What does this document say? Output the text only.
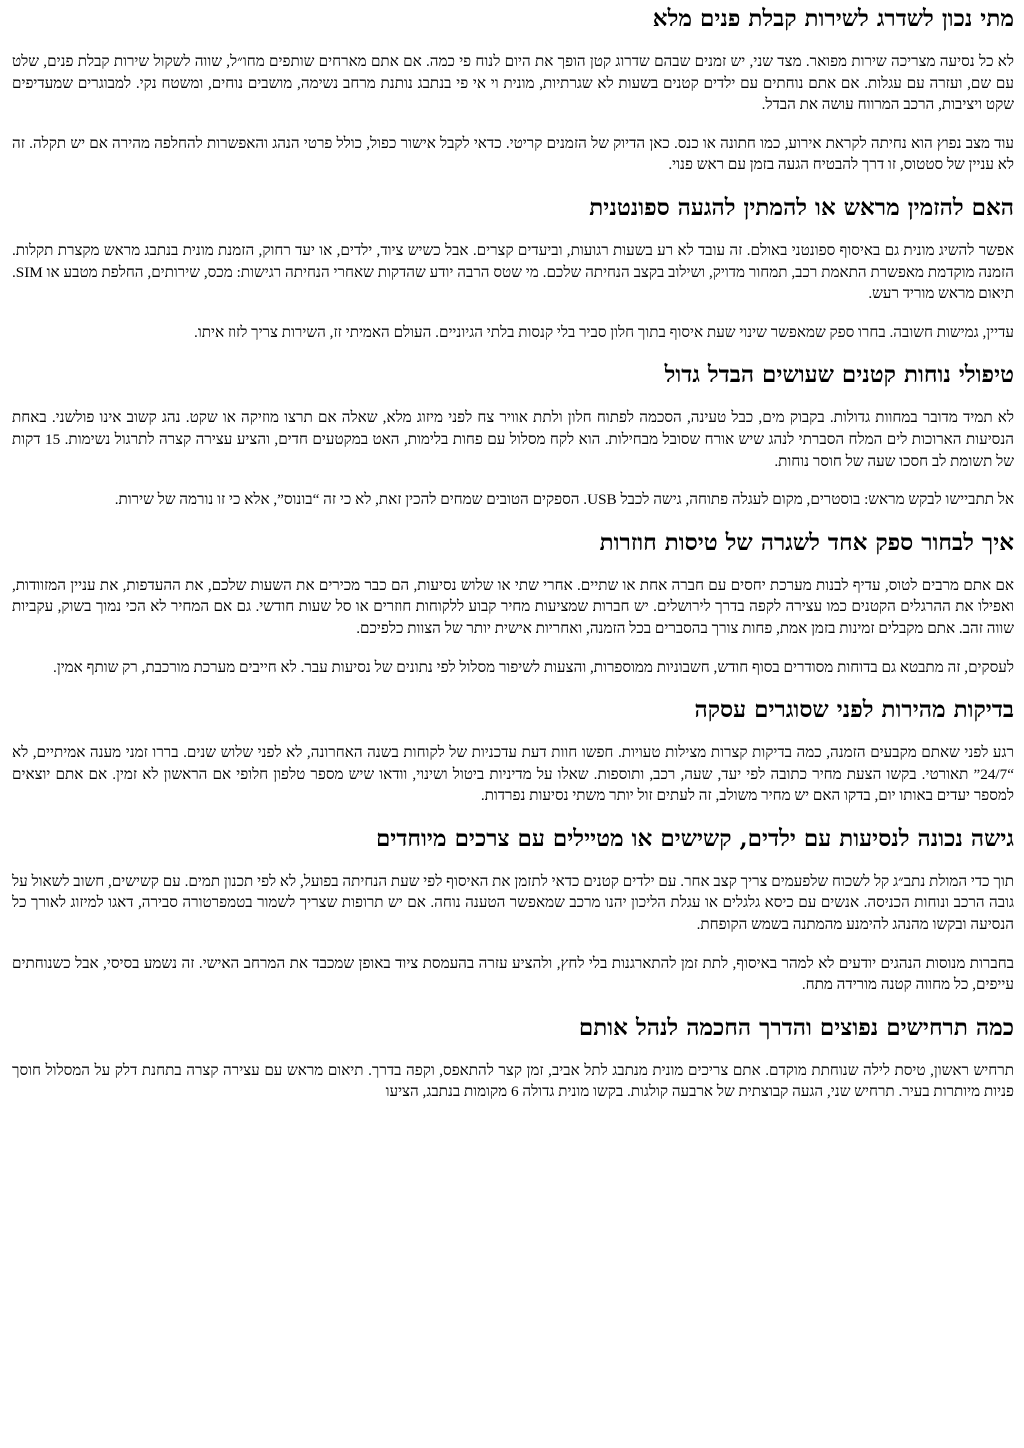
מתי נכון לשדרג לשירות קבלת פנים מלא

לא כל נסיעה מצריכה שירות מפואר. מצד שני, יש זמנים שבהם שדרוג קטן הופך את היום לנוח פי כמה. אם אתם מארחים שותפים מחו״ל, שווה לשקול שירות קבלת פנים, שלט עם שם, ועזרה עם עגלות. אם אתם נוחתים עם ילדים קטנים בשעות לא שגרתיות, מונית וי אי פי בנתבג נותנת מרחב נשימה, מושבים נוחים, ומשטח נקי. למבוגרים שמעדיפים שקט ויציבות, הרכב המרווח עושה את הבדל.

עוד מצב נפוץ הוא נחיתה לקראת אירוע, כמו חתונה או כנס. כאן הדיוק של הזמנים קריטי. כדאי לקבל אישור כפול, כולל פרטי הנהג והאפשרות להחלפה מהירה אם יש תקלה. זה לא עניין של סטטוס, זו דרך להבטיח הגעה בזמן עם ראש פנוי.

האם להזמין מראש או להמתין להגעה ספונטנית

אפשר להשיג מונית גם באיסוף ספונטני באולם. זה עובד לא רע בשעות רגועות, וביעדים קצרים. אבל כשיש ציוד, ילדים, או יעד רחוק, הזמנת מונית בנתבג מראש מקצרת תקלות. הזמנה מוקדמת מאפשרת התאמת רכב, תמחור מדויק, ושילוב בקצב הנחיתה שלכם. מי שטס הרבה יודע שהדקות שאחרי הנחיתה רגישות: מכס, שירותים, החלפת מטבע או SIM. תיאום מראש מוריד רעש.

עדיין, גמישות חשובה. בחרו ספק שמאפשר שינוי שעת איסוף בתוך חלון סביר בלי קנסות בלתי הגיוניים. העולם האמיתי זז, השירות צריך לזוז איתו.

טיפולי נוחות קטנים שעושים הבדל גדול

לא תמיד מדובר במחוות גדולות. בקבוק מים, כבל טעינה, הסכמה לפתוח חלון ולתת אוויר צח לפני מיזוג מלא, שאלה אם תרצו מוזיקה או שקט. נהג קשוב אינו פולשני. באחת הנסיעות הארוכות לים המלח הסברתי לנהג שיש אורח שסובל מבחילות. הוא לקח מסלול עם פחות בלימות, האט במקטעים חדים, והציע עצירה קצרה לתרגול נשימות. 15 דקות של תשומת לב חסכו שעה של חוסר נוחות.

אל תתביישו לבקש מראש: בוסטרים, מקום לעגלה פתוחה, גישה לכבל USB. הספקים הטובים שמחים להכין זאת, לא כי זה “בונוס”, אלא כי זו נורמה של שירות.

איך לבחור ספק אחד לשגרה של טיסות חוזרות

אם אתם מרבים לטוס, עדיף לבנות מערכת יחסים עם חברה אחת או שתיים. אחרי שתי או שלוש נסיעות, הם כבר מכירים את השעות שלכם, את ההעדפות, את עניין המזוודות, ואפילו את ההרגלים הקטנים כמו עצירה לקפה בדרך לירושלים. יש חברות שמציעות מחיר קבוע ללקוחות חוזרים או סל שעות חודשי. גם אם המחיר לא הכי נמוך בשוק, עקביות שווה זהב. אתם מקבלים זמינות בזמן אמת, פחות צורך בהסברים בכל הזמנה, ואחריות אישית יותר של הצוות כלפיכם.

לעסקים, זה מתבטא גם בדוחות מסודרים בסוף חודש, חשבוניות ממוספרות, והצעות לשיפור מסלול לפי נתונים של נסיעות עבר. לא חייבים מערכת מורכבת, רק שותף אמין.

בדיקות מהירות לפני שסוגרים עסקה

רגע לפני שאתם מקבעים הזמנה, כמה בדיקות קצרות מצילות טעויות. חפשו חוות דעת עדכניות של לקוחות בשנה האחרונה, לא לפני שלוש שנים. בררו זמני מענה אמיתיים, לא “24/7” תאורטי. בקשו הצעת מחיר כתובה לפי יעד, שעה, רכב, ותוספות. שאלו על מדיניות ביטול ושינוי, וודאו שיש מספר טלפון חלופי אם הראשון לא זמין. אם אתם יוצאים למספר יעדים באותו יום, בדקו האם יש מחיר משולב, זה לעתים זול יותר משתי נסיעות נפרדות.

גישה נכונה לנסיעות עם ילדים, קשישים או מטיילים עם צרכים מיוחדים

תוך כדי המולת נתב״ג קל לשכוח שלפעמים צריך קצב אחר. עם ילדים קטנים כדאי לתזמן את האיסוף לפי שעת הנחיתה בפועל, לא לפי תכנון תמים. עם קשישים, חשוב לשאול על גובה הרכב ונוחות הכניסה. אנשים עם כיסא גלגלים או עגלת הליכון יהנו מרכב שמאפשר הטענה נוחה. אם יש תרופות שצריך לשמור בטמפרטורה סבירה, דאגו למיזוג לאורך כל הנסיעה ובקשו מהנהג להימנע מהמתנה בשמש הקופחת.

בחברות מנוסות הנהגים יודעים לא למהר באיסוף, לתת זמן להתארגנות בלי לחץ, ולהציע עזרה בהעמסת ציוד באופן שמכבד את המרחב האישי. זה נשמע בסיסי, אבל כשנוחתים עייפים, כל מחווה קטנה מורידה מתח.

כמה תרחישים נפוצים והדרך החכמה לנהל אותם

תרחיש ראשון, טיסת לילה שנוחתת מוקדם. אתם צריכים מונית מנתבג לתל אביב, זמן קצר להתאפס, וקפה בדרך. תיאום מראש עם עצירה קצרה בתחנת דלק על המסלול חוסך פניות מיותרות בעיר. תרחיש שני, הגעה קבוצתית של ארבעה קולגות. בקשו מונית גדולה 6 מקומות בנתבג, הציעו
